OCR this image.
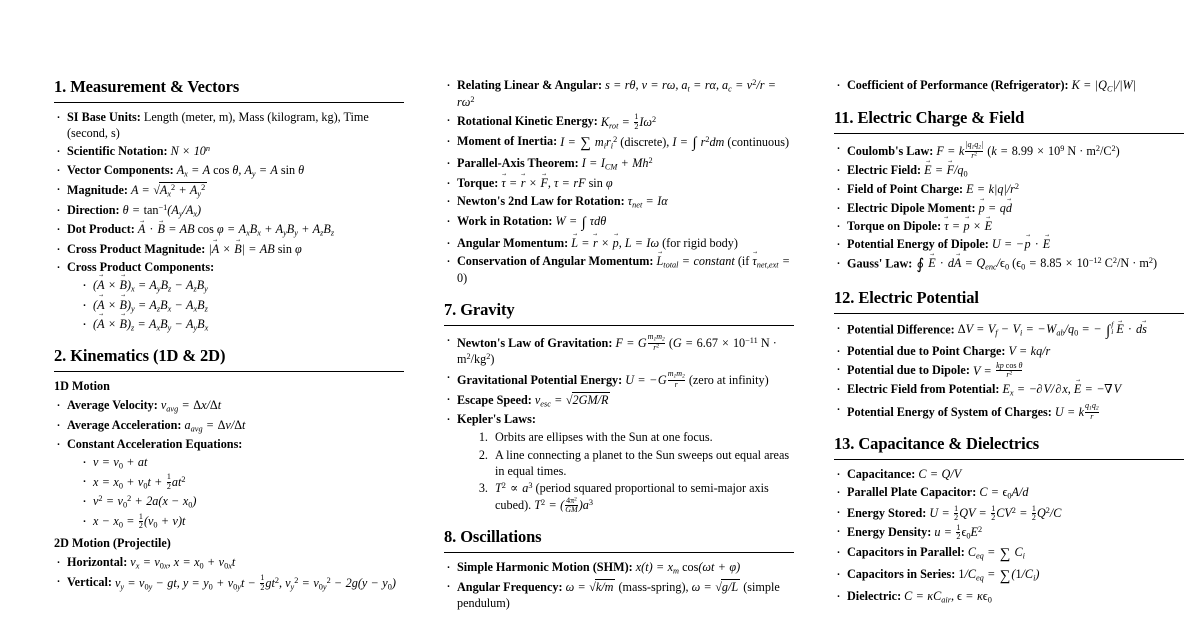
1. Measurement & Vectors
· SI Base Units: Length (meter, m), Mass (kilogram, kg), Time (second, s)
· Scientific Notation: $N \times 10^n$
· Vector Components: $A_x = A$ cos θ, $A_y = A$ sin θ
· Magnitude: $A = √A_x^2 + A_y^2$
· Direction: $\theta = \tan^{-1}(A_y/A_x)$
· Dot Product: A → · B → = AB $\cos \varphi = A_xB_x + A_yB_y + A_zB_z$
· Cross Product Magnitude: |A → × B →| = AB sin φ
· Cross Product Components:
· (A → × $B \to)_x = A_yB_z - A_zB_y$
· (A → × $B \to)_y = A_zB_x - A_xB_z$
· (A → × $B \to)_z = A_xB_y - A_yB_x$
2. Kinematics (1D & 2D)
1D Motion
· Average Velocity: $v_{avg} = \Delta x/\Delta t$
· Average Acceleration: $a_{avg} = \Delta v/\Delta t$
· Constant Acceleration Equations:
· $v = v_0$ + at
· $x = x_0 + v_0t + \frac{1}{2} at^2$
· $v^2 = v_0^2 + 2a(x - x_0)$
· $x - x_0 = \frac{1}{2} (v_0 + v)t$
2D Motion (Projectile)
· Horizontal: $v_x = v_{0x}$, $x = x_0 + v_{0x}t$
· Vertical: $v_y = v_{0y}$ − gt, $y = y_0 + v_{0y}t - \frac{1}{2} gt^2$, $v_y^2 = v_{0y}^2 - 2g(y - y_0)$
· Relating Linear & Angular: s = rθ, v = rω, $a_t = r\alpha$, $a_c = v^2/r = r\omega^2$
· Rotational Kinetic Energy: $K_{rot} = \frac{1}{2} I\omega^2$
· Moment of Inertia: I = ∑ $m_ir_i^2$ (discrete), I = ∫ $r^2dm$ (continuous)
· Parallel-Axis Theorem: $I = I_{CM} + Mh^2$
· Torque: τ → = r → × F →, τ = rF sin φ
· Newton's 2nd Law for Rotation: $\tau_{net} = I\alpha$
· Work in Rotation: W = ∫ τdθ
· Angular Momentum: L → = r → × p →, L = Iω (for rigid body)
· Conservation of Angular Momentum: $L \to_{total}$ = constant (if $\tau \to_{net,ext} = 0$)
7. Gravity
· Newton's Law of Gravitation: F = G $\frac{m_1m_2}{r^2} (G = 6.67 \times 10^{-11}$ $N \cdot m^2/kg^2$)
· Gravitational Potential Energy: $U = -G \frac{m_1m_2}{r}$ (zero at infinity)
· Escape Speed: $v_{esc} = √2GM/R$
· Kepler's Laws:
1. Orbits are ellipses with the Sun at one focus.
2. A line connecting a planet to the Sun sweeps out equal areas in equal times.
3. $T^2 \propto a^3$ (period squared proportional to semi-major axis cubed). $T^2$ = ( $\frac{4\pi^2}{GM} )a^3$
8. Oscillations
· Simple Harmonic Motion (SHM): $x(t) = x_m$ cos(ωt + φ)
· Angular Frequency: ω = √k/m (mass-spring), ω = √g/L (simple pendulum)
· Coefficient of Performance (Refrigerator): $K = |Q_C|/|W|$
11. Electric Charge & Field
· Coulomb's Law: F = k $\frac{|q_1q_2|}{r^2} (k = 8.99 \times 10^9$ $N \cdot m^2/C^2$)
· Electric Field: E → = $F \to/q_0$
· Field of Point Charge: $E = k|q|/r^2$
· Electric Dipole Moment: p → = qd →
· Torque on Dipole: τ → = p → × E →
· Potential Energy of Dipole: U = −p → · E →
· Gauss' Law: ∮ E → · dA → = $Q_{enc}/\epsilon_0$ ($\epsilon_0 = 8.85 \times 10^{-12}$ $C^2/N \cdot m^2$)
12. Electric Potential
· Potential Difference: $\Delta V = V_f - V_i = -W_{ab}/q_0$ = − ∫ f
i E → · ds →
· Potential due to Point Charge: V = kq/r
· Potential due to Dipole: $V = \frac{\text{kp cos θ}}{r^2}$
· Electric Field from Potential: $E_x = -\partial V/\partial x$, E → = −∇V
· Potential Energy of System of Charges: U = k $\frac{q_1q_2}{r}$
13. Capacitance & Dielectrics
· Capacitance: C = Q/V
· Parallel Plate Capacitor: $C = \epsilon_0A/d$
· Energy Stored: $U = \frac{1}{2}$ QV = $\frac{1}{2} CV^2 = \frac{1}{2} Q^2/C$
· Energy Density: $u = \frac{1}{2} \epsilon_0E^2$
· Capacitors in Parallel: $C_{eq}$ = ∑ $C_i$
· Capacitors in Series: $1/C_{eq} = \sum(1/C_i)$
· Dielectric: $C = \kappa C_{air}$, $\epsilon = \kappa\epsilon_0$
